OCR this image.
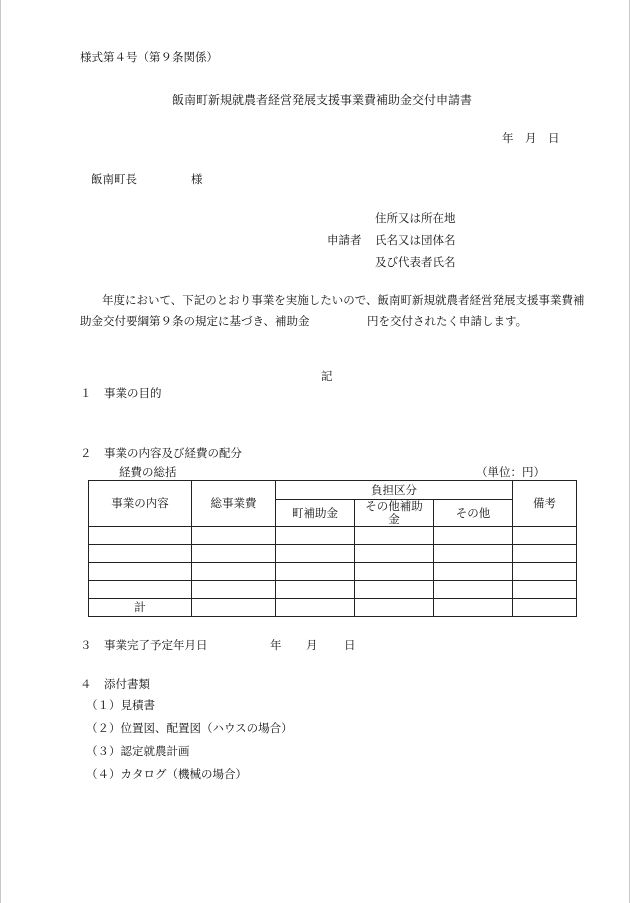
様式第４号（第９条関係）
飯南町新規就農者経営発展支援事業費補助金交付申請書
年　月　日
飯南町長	様
住所又は所在地
申請者 氏名又は団体名
及び代表者氏名
年度において、下記のとおり事業を実施したいので、飯南町新規就農者経営発展支援事業費補助金交付要綱第９条の規定に基づき、補助金　　　　　円を交付されたく申請します。
記
１ 事業の目的
２ 事業の内容及び経費の配分
経費の総括	（単位：円）
事業の内容	総事業費	負担区分			備考
		町補助金	その他補助金	その他	

計					
３ 事業完了予定年月日	年 月 日
４ 添付書類
（１）見積書
（２）位置図、配置図（ハウスの場合）
（３）認定就農計画
（４）カタログ（機械の場合）
